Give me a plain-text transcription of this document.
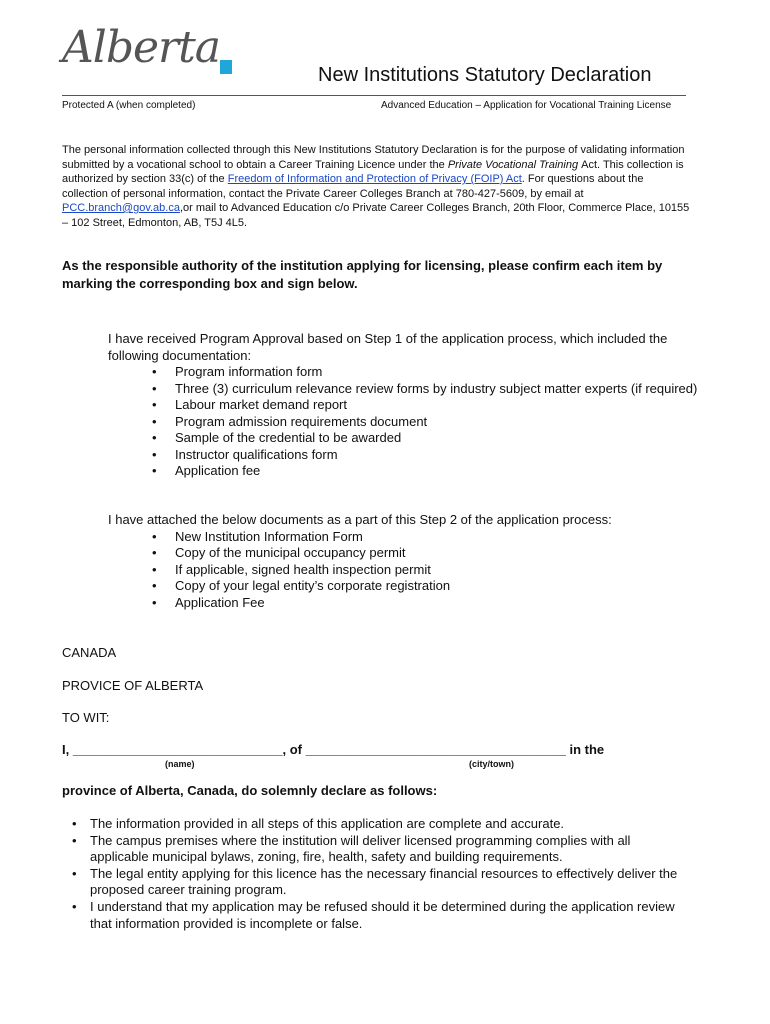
Alberta
New Institutions Statutory Declaration
Protected A (when completed)	Advanced Education – Application for Vocational Training License
The personal information collected through this New Institutions Statutory Declaration is for the purpose of validating information submitted by a vocational school to obtain a Career Training Licence under the Private Vocational Training Act. This collection is authorized by section 33(c) of the Freedom of Information and Protection of Privacy (FOIP) Act. For questions about the collection of personal information, contact the Private Career Colleges Branch at 780-427-5609, by email at PCC.branch@gov.ab.ca,or mail to Advanced Education c/o Private Career Colleges Branch, 20th Floor, Commerce Place, 10155 – 102 Street, Edmonton, AB, T5J 4L5.
As the responsible authority of the institution applying for licensing, please confirm each item by marking the corresponding box and sign below.
I have received Program Approval based on Step 1 of the application process, which included the following documentation:
• Program information form
• Three (3) curriculum relevance review forms by industry subject matter experts (if required)
• Labour market demand report
• Program admission requirements document
• Sample of the credential to be awarded
• Instructor qualifications form
• Application fee
I have attached the below documents as a part of this Step 2 of the application process:
• New Institution Information Form
• Copy of the municipal occupancy permit
• If applicable, signed health inspection permit
• Copy of your legal entity’s corporate registration
• Application Fee
CANADA
PROVICE OF ALBERTA
TO WIT:
I, _____________________________, of ____________________________________ in the
(name)	(city/town)
province of Alberta, Canada, do solemnly declare as follows:
• The information provided in all steps of this application are complete and accurate.
• The campus premises where the institution will deliver licensed programming complies with all applicable municipal bylaws, zoning, fire, health, safety and building requirements.
• The legal entity applying for this licence has the necessary financial resources to effectively deliver the proposed career training program.
• I understand that my application may be refused should it be determined during the application review that information provided is incomplete or false.
